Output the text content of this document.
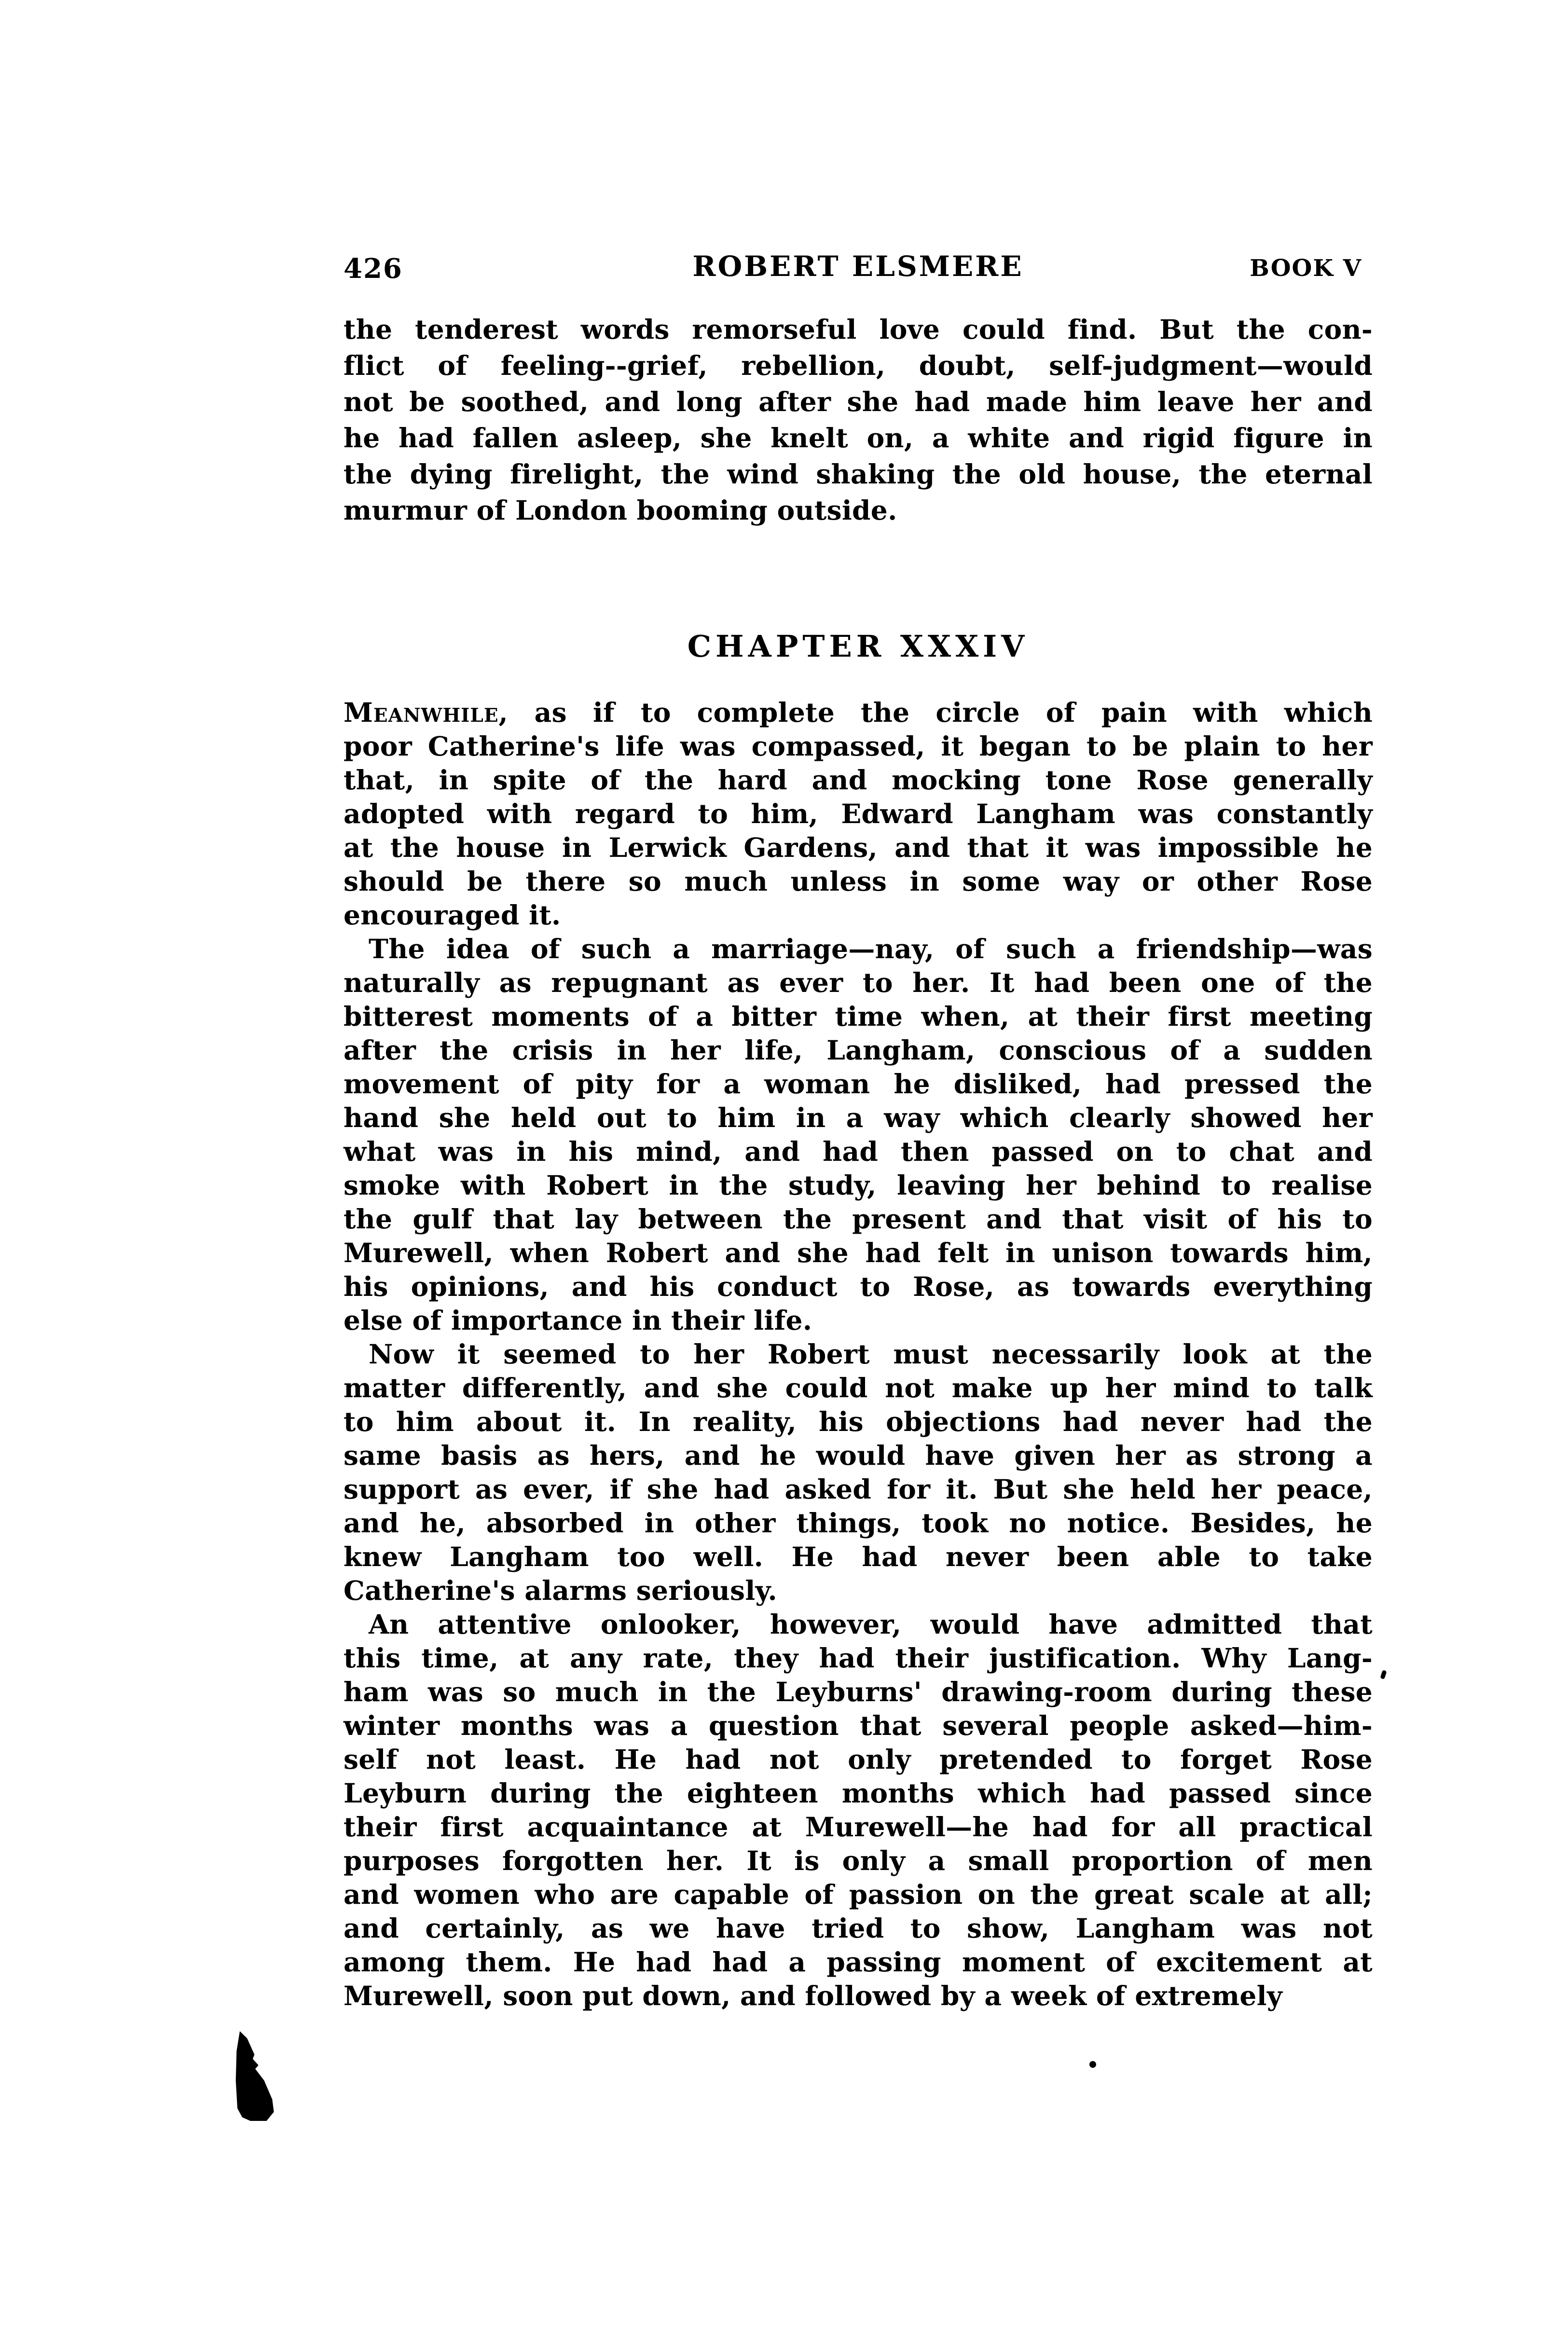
426	ROBERT ELSMERE	BOOK V
the tenderest words remorseful love could find. But the con-
flict of feeling--grief, rebellion, doubt, self-judgment—would
not be soothed, and long after she had made him leave her and
he had fallen asleep, she knelt on, a white and rigid figure in
the dying firelight, the wind shaking the old house, the eternal
murmur of London booming outside.
CHAPTER XXXIV
Meanwhile, as if to complete the circle of pain with which
poor Catherine's life was compassed, it began to be plain to her
that, in spite of the hard and mocking tone Rose generally
adopted with regard to him, Edward Langham was constantly
at the house in Lerwick Gardens, and that it was impossible he
should be there so much unless in some way or other Rose
encouraged it.
The idea of such a marriage—nay, of such a friendship—was
naturally as repugnant as ever to her. It had been one of the
bitterest moments of a bitter time when, at their first meeting
after the crisis in her life, Langham, conscious of a sudden
movement of pity for a woman he disliked, had pressed the
hand she held out to him in a way which clearly showed her
what was in his mind, and had then passed on to chat and
smoke with Robert in the study, leaving her behind to realise
the gulf that lay between the present and that visit of his to
Murewell, when Robert and she had felt in unison towards him,
his opinions, and his conduct to Rose, as towards everything
else of importance in their life.
Now it seemed to her Robert must necessarily look at the
matter differently, and she could not make up her mind to talk
to him about it. In reality, his objections had never had the
same basis as hers, and he would have given her as strong a
support as ever, if she had asked for it. But she held her peace,
and he, absorbed in other things, took no notice. Besides, he
knew Langham too well. He had never been able to take
Catherine's alarms seriously.
An attentive onlooker, however, would have admitted that
this time, at any rate, they had their justification. Why Lang-
ham was so much in the Leyburns' drawing-room during these
winter months was a question that several people asked—him-
self not least. He had not only pretended to forget Rose
Leyburn during the eighteen months which had passed since
their first acquaintance at Murewell—he had for all practical
purposes forgotten her. It is only a small proportion of men
and women who are capable of passion on the great scale at all;
and certainly, as we have tried to show, Langham was not
among them. He had had a passing moment of excitement at
Murewell, soon put down, and followed by a week of extremely
